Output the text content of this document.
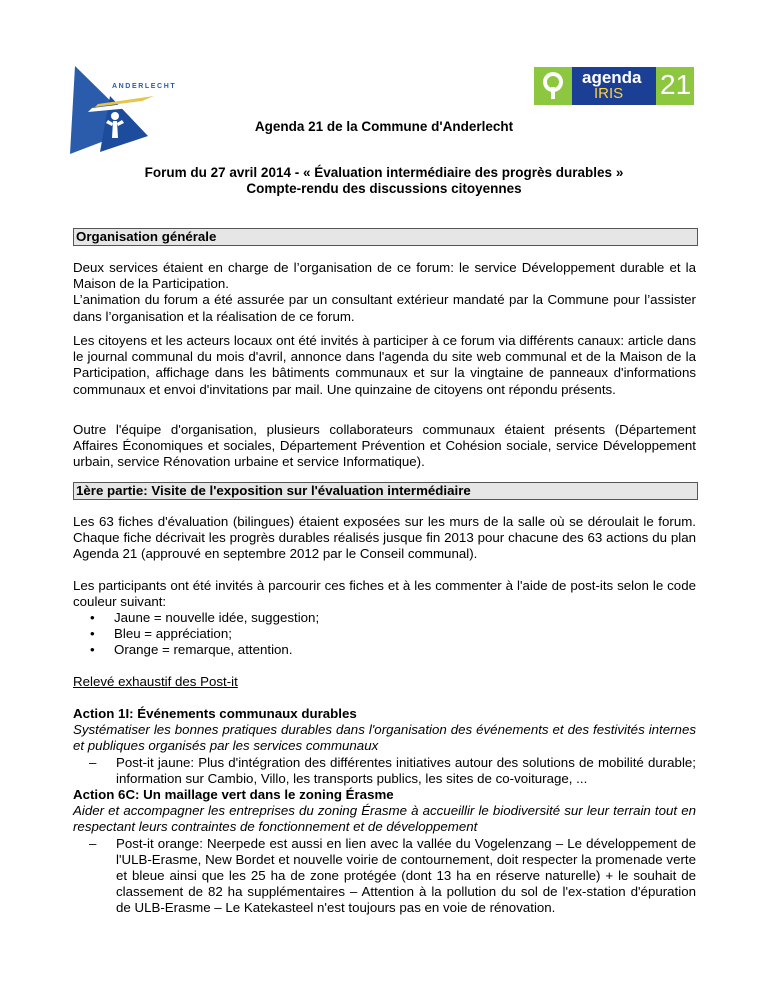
ANDERLECHT	agenda
IRIS 21
Agenda 21 de la Commune d'Anderlecht
Forum du 27 avril 2014 - « Évaluation intermédiaire des progrès durables »
Compte-rendu des discussions citoyennes
Organisation générale

Deux services étaient en charge de l’organisation de ce forum: le service Développement durable et la Maison de la Participation.

L’animation du forum a été assurée par un consultant extérieur mandaté par la Commune pour l’assister dans l’organisation et la réalisation de ce forum.

Les citoyens et les acteurs locaux ont été invités à participer à ce forum via différents canaux: article dans le journal communal du mois d'avril, annonce dans l'agenda du site web communal et de la Maison de la Participation, affichage dans les bâtiments communaux et sur la vingtaine de panneaux d'informations communaux et envoi d'invitations par mail. Une quinzaine de citoyens ont répondu présents.

Outre l'équipe d'organisation, plusieurs collaborateurs communaux étaient présents (Département Affaires Économiques et sociales, Département Prévention et Cohésion sociale, service Développement urbain, service Rénovation urbaine et service Informatique).

1ère partie: Visite de l'exposition sur l'évaluation intermédiaire

Les 63 fiches d'évaluation (bilingues) étaient exposées sur les murs de la salle où se déroulait le forum. Chaque fiche décrivait les progrès durables réalisés jusque fin 2013 pour chacune des 63 actions du plan Agenda 21 (approuvé en septembre 2012 par le Conseil communal).

Les participants ont été invités à parcourir ces fiches et à les commenter à l'aide de post-its selon le code couleur suivant:

• Jaune = nouvelle idée, suggestion;
• Bleu = appréciation;
• Orange = remarque, attention.
Relevé exhaustif des Post-it

Action 1I: Événements communaux durables

Systématiser les bonnes pratiques durables dans l'organisation des événements et des festivités internes et publiques organisés par les services communaux

– Post-it jaune: Plus d'intégration des différentes initiatives autour des solutions de mobilité durable; information sur Cambio, Villo, les transports publics, les sites de co-voiturage, ...

Action 6C: Un maillage vert dans le zoning Érasme

Aider et accompagner les entreprises du zoning Érasme à accueillir le biodiversité sur leur terrain tout en respectant leurs contraintes de fonctionnement et de développement

– Post-it orange: Neerpede est aussi en lien avec la vallée du Vogelenzang – Le développement de l'ULB-Erasme, New Bordet et nouvelle voirie de contournement, doit respecter la promenade verte et bleue ainsi que les 25 ha de zone protégée (dont 13 ha en réserve naturelle) + le souhait de classement de 82 ha supplémentaires – Attention à la pollution du sol de l'ex-station d'épuration de ULB-Erasme – Le Katekasteel n'est toujours pas en voie de rénovation.
